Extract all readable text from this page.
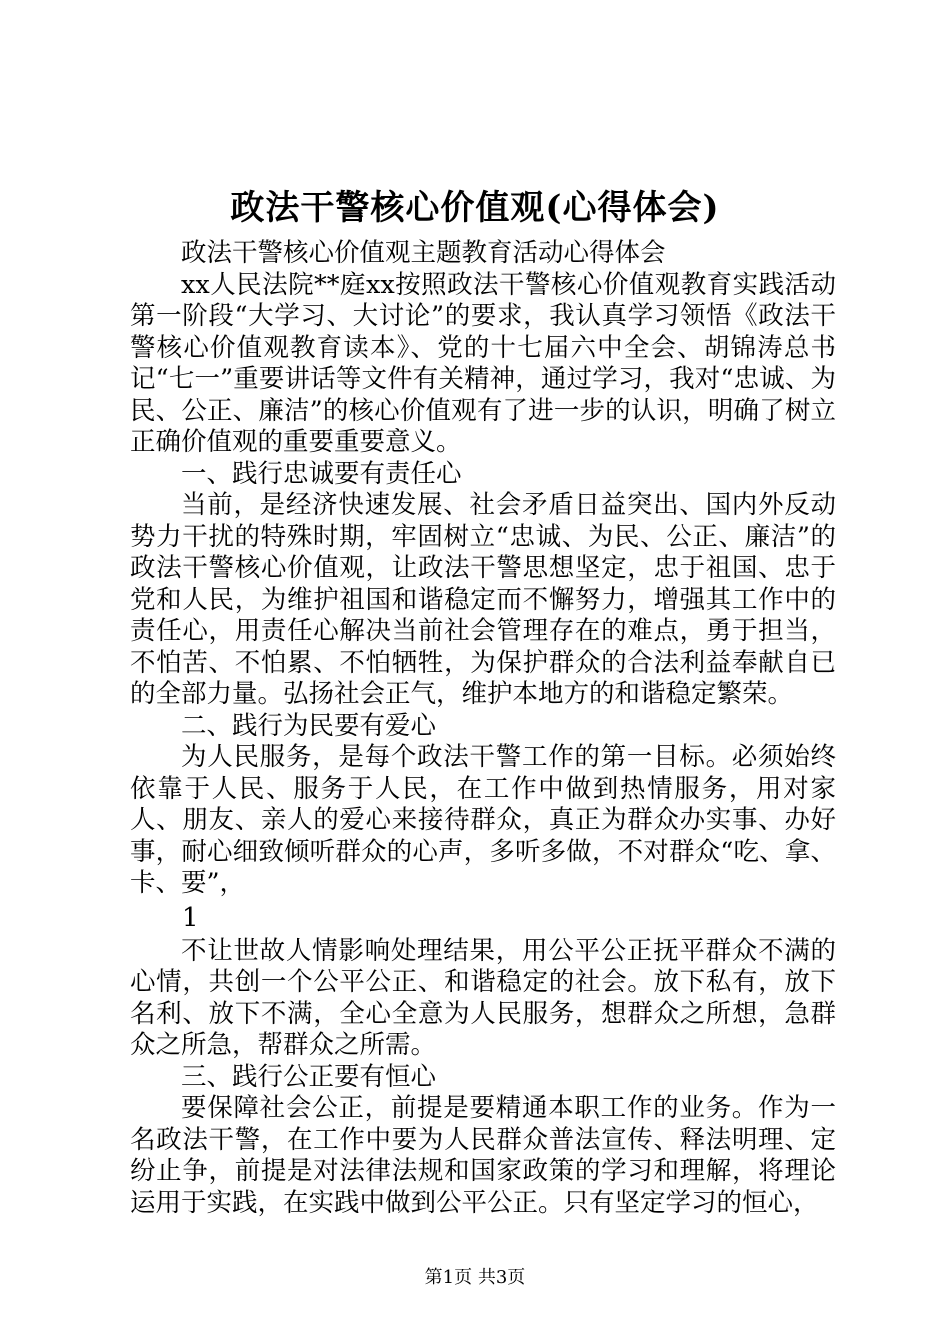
政法干警核心价值观(心得体会)

政法干警核心价值观主题教育活动心得体会

xx人民法院**庭xx按照政法干警核心价值观教育实践活动第一阶段“大学习、大讨论”的要求，我认真学习领悟《政法干警核心价值观教育读本》、党的十七届六中全会、胡锦涛总书记“七一”重要讲话等文件有关精神，通过学习，我对“忠诚、为民、公正、廉洁”的核心价值观有了进一步的认识，明确了树立正确价值观的重要重要意义。

一、践行忠诚要有责任心

当前，是经济快速发展、社会矛盾日益突出、国内外反动势力干扰的特殊时期，牢固树立“忠诚、为民、公正、廉洁”的政法干警核心价值观，让政法干警思想坚定，忠于祖国、忠于党和人民，为维护祖国和谐稳定而不懈努力，增强其工作中的责任心，用责任心解决当前社会管理存在的难点，勇于担当，不怕苦、不怕累、不怕牺牲，为保护群众的合法利益奉献自已的全部力量。弘扬社会正气，维护本地方的和谐稳定繁荣。

二、践行为民要有爱心

为人民服务，是每个政法干警工作的第一目标。必须始终依靠于人民、服务于人民，在工作中做到热情服务，用对家人、朋友、亲人的爱心来接待群众，真正为群众办实事、办好事，耐心细致倾听群众的心声，多听多做，不对群众“吃、拿、卡、要”，

1

不让世故人情影响处理结果，用公平公正抚平群众不满的心情，共创一个公平公正、和谐稳定的社会。放下私有，放下名利、放下不满，全心全意为人民服务，想群众之所想，急群众之所急，帮群众之所需。

三、践行公正要有恒心

要保障社会公正，前提是要精通本职工作的业务。作为一名政法干警，在工作中要为人民群众普法宣传、释法明理、定纷止争，前提是对法律法规和国家政策的学习和理解，将理论运用于实践，在实践中做到公平公正。只有坚定学习的恒心，

第1页 共3页
